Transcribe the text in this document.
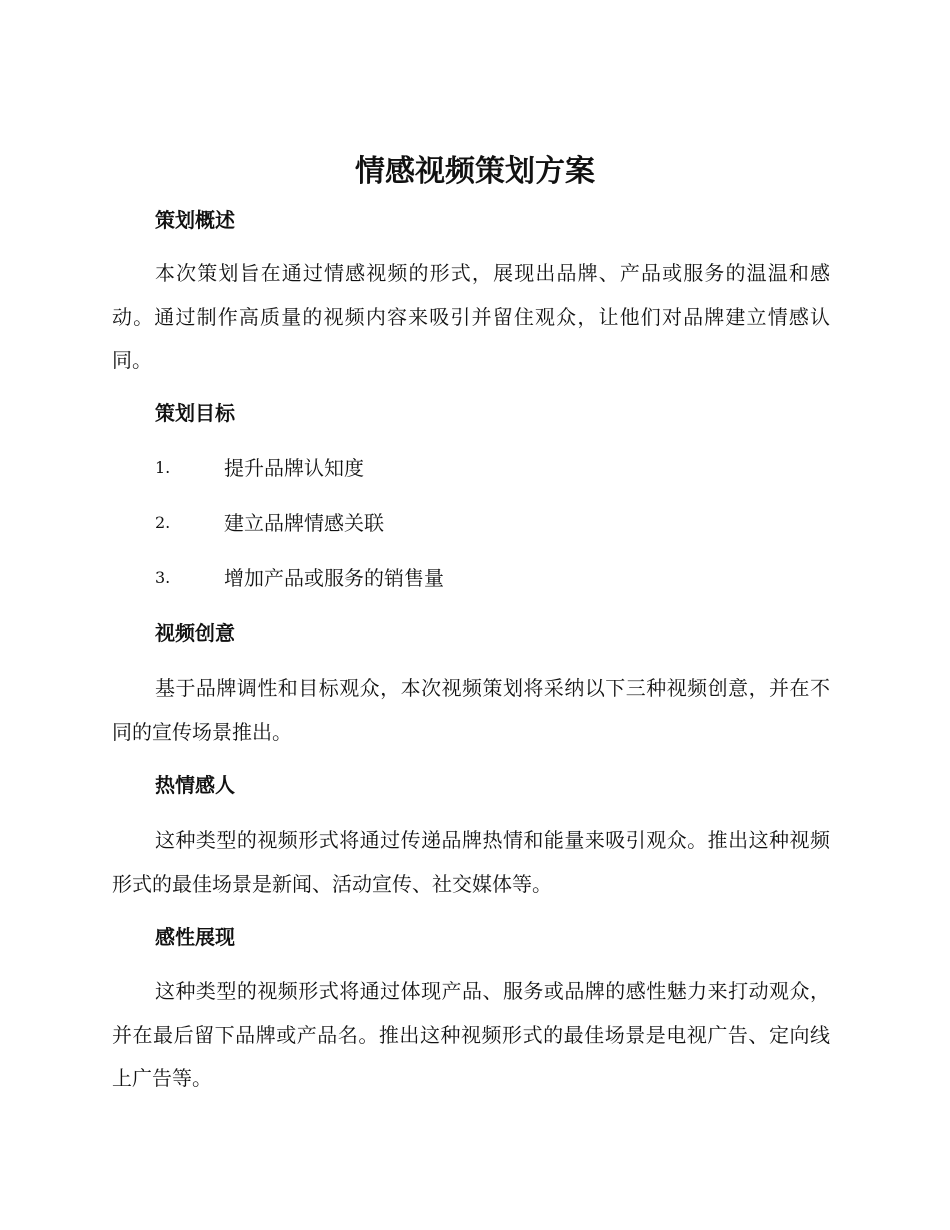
情感视频策划方案
策划概述

本次策划旨在通过情感视频的形式，展现出品牌、产品或服务的温温和感动。通过制作高质量的视频内容来吸引并留住观众，让他们对品牌建立情感认同。

策划目标
1.	提升品牌认知度
2.	建立品牌情感关联
3.	增加产品或服务的销售量
视频创意

基于品牌调性和目标观众，本次视频策划将采纳以下三种视频创意，并在不同的宣传场景推出。

热情感人

这种类型的视频形式将通过传递品牌热情和能量来吸引观众。推出这种视频形式的最佳场景是新闻、活动宣传、社交媒体等。

感性展现

这种类型的视频形式将通过体现产品、服务或品牌的感性魅力来打动观众，并在最后留下品牌或产品名。推出这种视频形式的最佳场景是电视广告、定向线上广告等。
